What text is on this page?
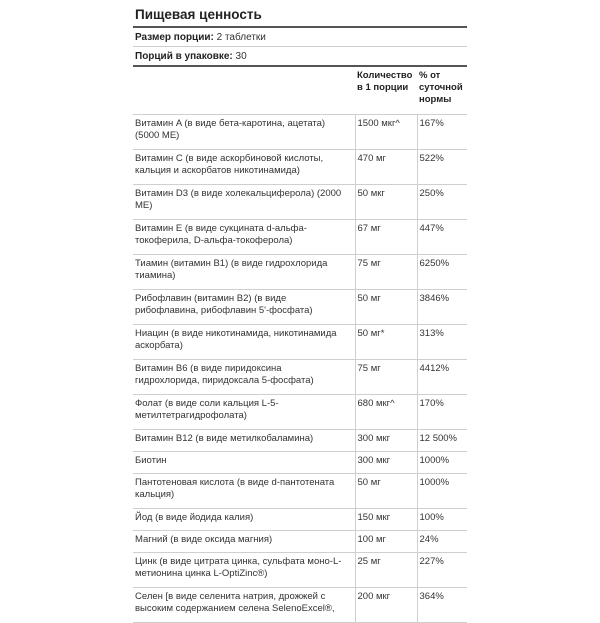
Пищевая ценность
Размер порции: 2 таблетки
Порций в упаковке: 30
	Количество в 1 порции	% от суточной нормы
Витамин A (в виде бета-каротина, ацетата) (5000 МЕ)	1500 мкг^	167%
Витамин C (в виде аскорбиновой кислоты, кальция и аскорбатов никотинамида)	470 мг	522%
Витамин D3 (в виде холекальциферола) (2000 МЕ)	50 мкг	250%
Витамин E (в виде сукцината d-альфа-токоферила, D-альфа-токоферола)	67 мг	447%
Тиамин (витамин B1) (в виде гидрохлорида тиамина)	75 мг	6250%
Рибофлавин (витамин B2) (в виде рибофлавина, рибофлавин 5'-фосфата)	50 мг	3846%
Ниацин (в виде никотинамида, никотинамида аскорбата)	50 мг*	313%
Витамин B6 (в виде пиридоксина гидрохлорида, пиридоксала 5-фосфата)	75 мг	4412%
Фолат (в виде соли кальция L-5-метилтетрагидрофолата)	680 мкг^	170%
Витамин B12 (в виде метилкобаламина)	300 мкг	12 500%
Биотин	300 мкг	1000%
Пантотеновая кислота (в виде d-пантотената кальция)	50 мг	1000%
Йод (в виде йодида калия)	150 мкг	100%
Магний (в виде оксида магния)	100 мг	24%
Цинк (в виде цитрата цинка, сульфата моно-L-метионина цинка L-OptiZinc®)	25 мг	227%
Селен [в виде селенита натрия, дрожжей с высоким содержанием селена SelenoExcel®,	200 мкг	364%
